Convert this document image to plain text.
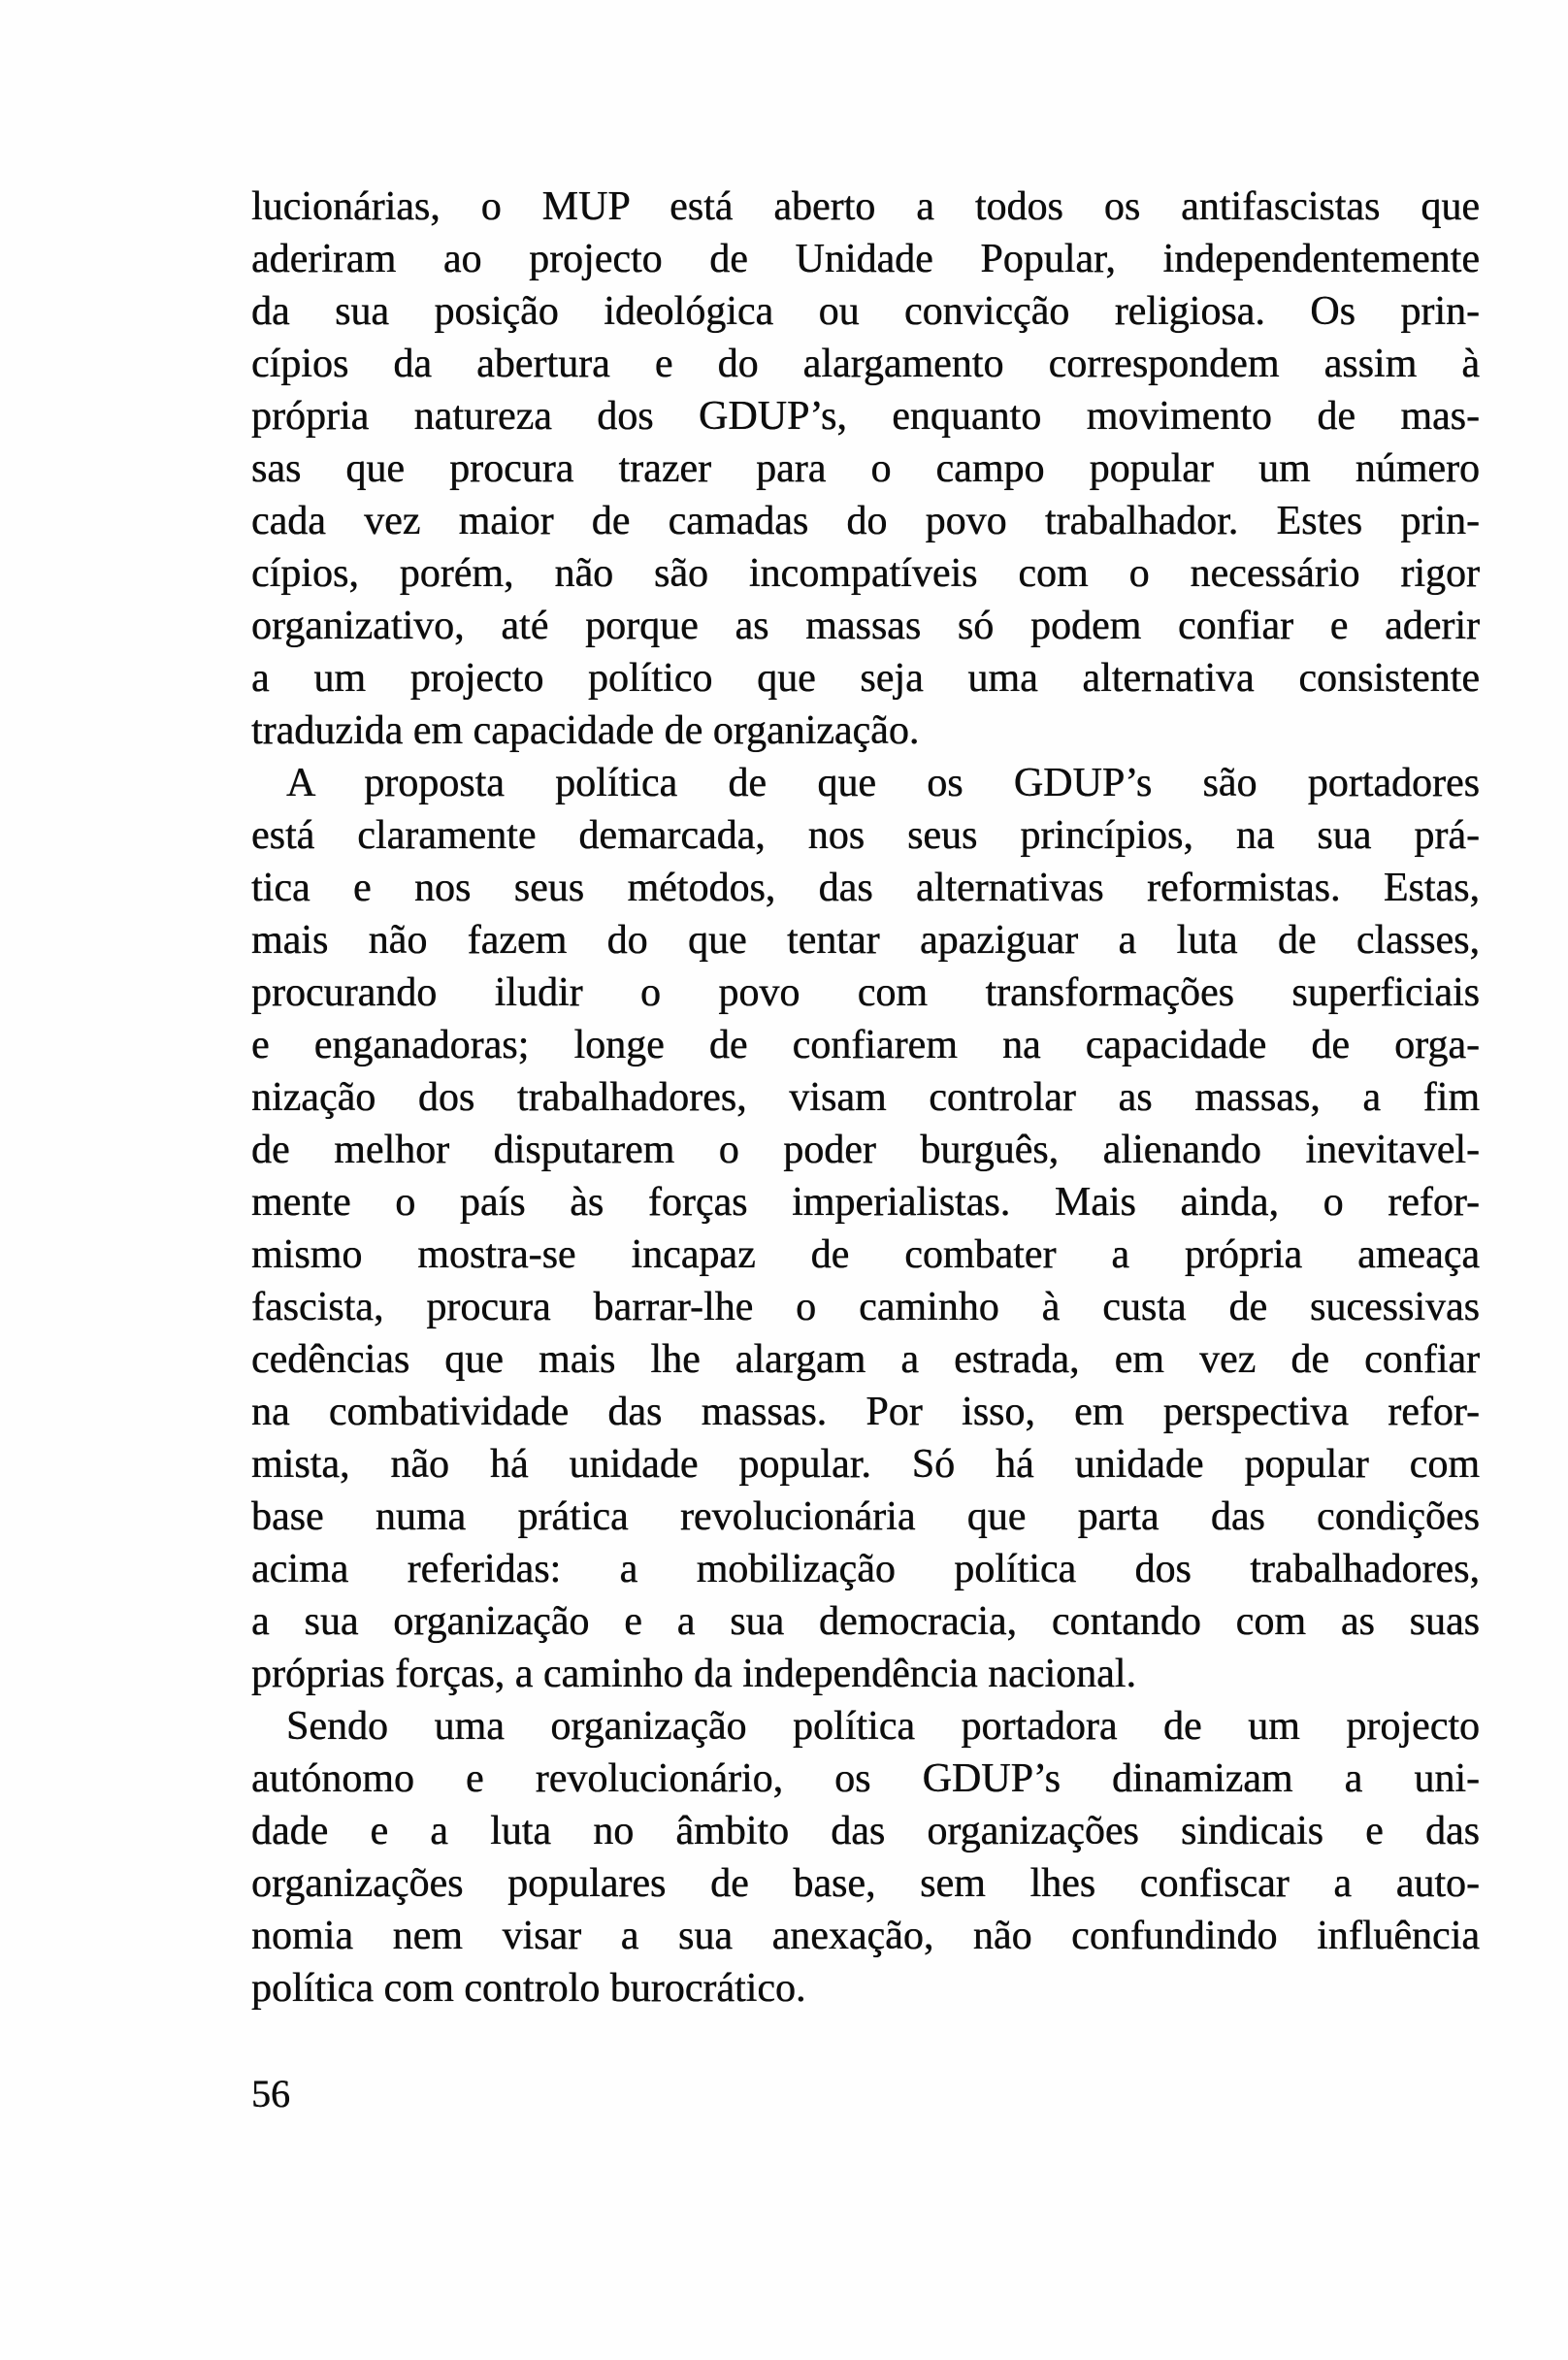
lucionárias, o MUP está aberto a todos os antifascistas que
aderiram ao projecto de Unidade Popular, independentemente
da sua posição ideológica ou convicção religiosa. Os prin-
cípios da abertura e do alargamento correspondem assim à
própria natureza dos GDUP’s, enquanto movimento de mas-
sas que procura trazer para o campo popular um número
cada vez maior de camadas do povo trabalhador. Estes prin-
cípios, porém, não são incompatíveis com o necessário rigor
organizativo, até porque as massas só podem confiar e aderir
a um projecto político que seja uma alternativa consistente
traduzida em capacidade de organização.
A proposta política de que os GDUP’s são portadores
está claramente demarcada, nos seus princípios, na sua prá-
tica e nos seus métodos, das alternativas reformistas. Estas,
mais não fazem do que tentar apaziguar a luta de classes,
procurando iludir o povo com transformações superficiais
e enganadoras; longe de confiarem na capacidade de orga-
nização dos trabalhadores, visam controlar as massas, a fim
de melhor disputarem o poder burguês, alienando inevitavel-
mente o país às forças imperialistas. Mais ainda, o refor-
mismo mostra-se incapaz de combater a própria ameaça
fascista, procura barrar-lhe o caminho à custa de sucessivas
cedências que mais lhe alargam a estrada, em vez de confiar
na combatividade das massas. Por isso, em perspectiva refor-
mista, não há unidade popular. Só há unidade popular com
base numa prática revolucionária que parta das condições
acima referidas: a mobilização política dos trabalhadores,
a sua organização e a sua democracia, contando com as suas
próprias forças, a caminho da independência nacional.
Sendo uma organização política portadora de um projecto
autónomo e revolucionário, os GDUP’s dinamizam a uni-
dade e a luta no âmbito das organizações sindicais e das
organizações populares de base, sem lhes confiscar a auto-
nomia nem visar a sua anexação, não confundindo influência
política com controlo burocrático.
56
